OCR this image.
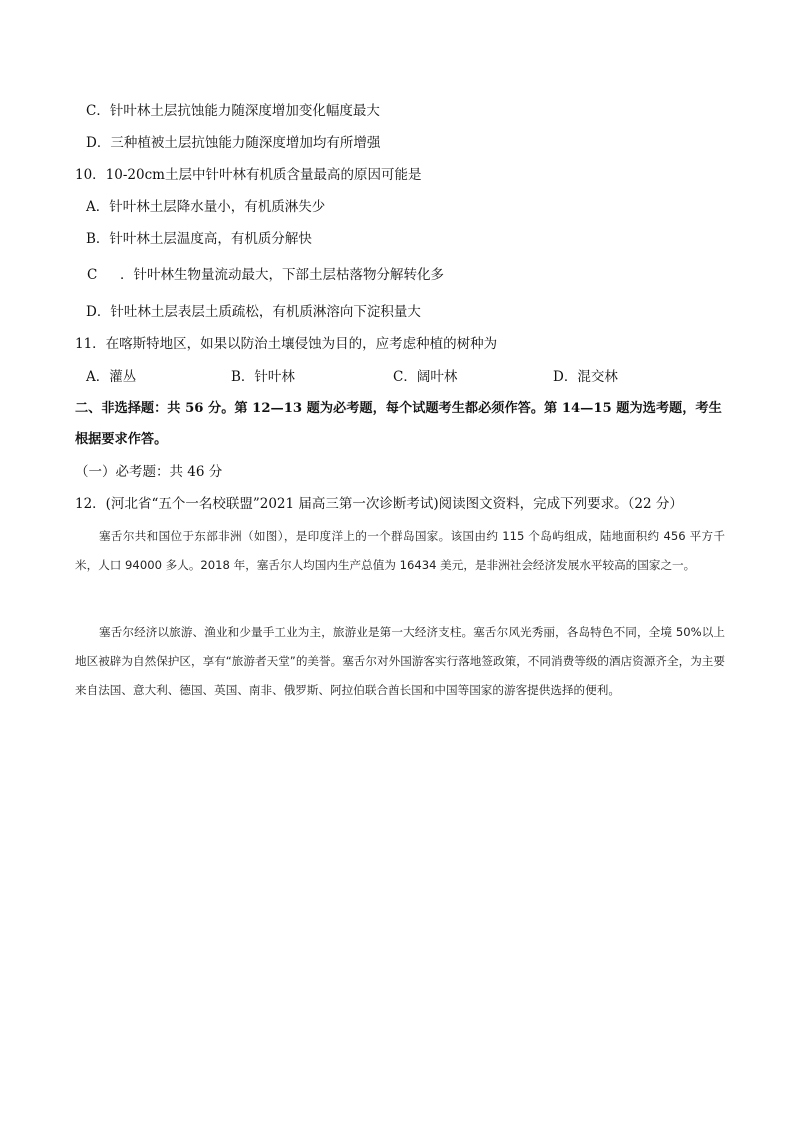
C．针叶林土层抗蚀能力随深度增加变化幅度最大
D．三种植被土层抗蚀能力随深度增加均有所增强
10．10-20cm土层中针叶林有机质含量最高的原因可能是
A．针叶林土层降水量小，有机质淋失少
B．针叶林土层温度高，有机质分解快
C ．针叶林生物量流动最大，下部土层枯落物分解转化多
D．针吐林土层表层土质疏松，有机质淋溶向下淀积量大
11．在喀斯特地区，如果以防治土壤侵蚀为目的，应考虑种植的树种为
A．灌丛	B．针叶林	C．阔叶林	D．混交林
二、非选择题：共 56 分。第 12—13 题为必考题，每个试题考生都必须作答。第 14—15 题为选考题，考生
根据要求作答。
（一）必考题：共 46 分
12．(河北省“五个一名校联盟”2021 届高三第一次诊断考试)阅读图文资料，完成下列要求。（22 分）
塞舌尔共和国位于东部非洲（如图），是印度洋上的一个群岛国家。该国由约 115 个岛屿组成，陆地面积约 456 平方千米，人口 94000 多人。2018 年，塞舌尔人均国内生产总值为 16434 美元，是非洲社会经济发展水平较高的国家之一。
塞舌尔经济以旅游、渔业和少量手工业为主，旅游业是第一大经济支柱。塞舌尔风光秀丽，各岛特色不同，全境 50%以上地区被辟为自然保护区，享有“旅游者天堂”的美誉。塞舌尔对外国游客实行落地签政策，不同消费等级的酒店资源齐全，为主要来自法国、意大利、德国、英国、南非、俄罗斯、阿拉伯联合酋长国和中国等国家的游客提供选择的便利。
